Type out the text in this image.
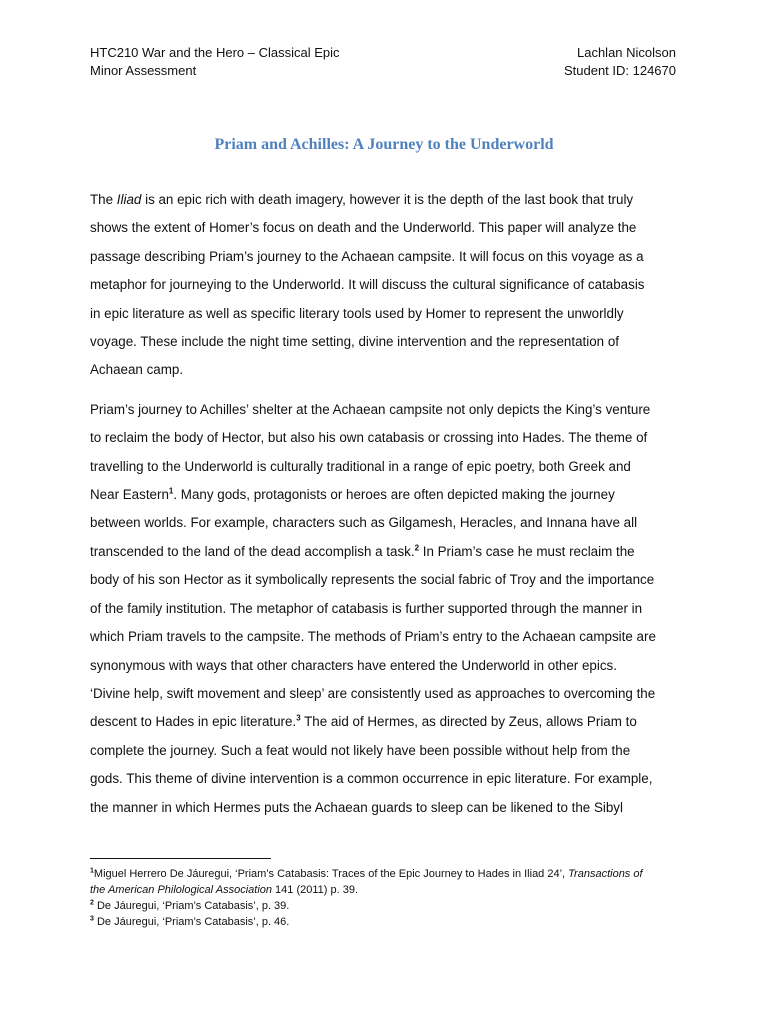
HTC210 War and the Hero – Classical Epic	Lachlan Nicolson
Minor Assessment	Student ID: 124670
Priam and Achilles: A Journey to the Underworld

The Iliad is an epic rich with death imagery, however it is the depth of the last book that truly
shows the extent of Homer’s focus on death and the Underworld. This paper will analyze the
passage describing Priam’s journey to the Achaean campsite. It will focus on this voyage as a
metaphor for journeying to the Underworld. It will discuss the cultural significance of catabasis
in epic literature as well as specific literary tools used by Homer to represent the unworldly
voyage. These include the night time setting, divine intervention and the representation of
Achaean camp.

Priam’s journey to Achilles’ shelter at the Achaean campsite not only depicts the King’s venture
to reclaim the body of Hector, but also his own catabasis or crossing into Hades. The theme of
travelling to the Underworld is culturally traditional in a range of epic poetry, both Greek and
Near Eastern$^1$. Many gods, protagonists or heroes are often depicted making the journey
between worlds. For example, characters such as Gilgamesh, Heracles, and Innana have all
transcended to the land of the dead accomplish a task.$^2$ In Priam’s case he must reclaim the
body of his son Hector as it symbolically represents the social fabric of Troy and the importance
of the family institution. The metaphor of catabasis is further supported through the manner in
which Priam travels to the campsite. The methods of Priam’s entry to the Achaean campsite are
synonymous with ways that other characters have entered the Underworld in other epics.
‘Divine help, swift movement and sleep’ are consistently used as approaches to overcoming the
descent to Hades in epic literature.$^3$ The aid of Hermes, as directed by Zeus, allows Priam to
complete the journey. Such a feat would not likely have been possible without help from the
gods. This theme of divine intervention is a common occurrence in epic literature. For example,
the manner in which Hermes puts the Achaean guards to sleep can be likened to the Sibyl

$^1$Miguel Herrero De Jáuregui, ‘Priam’s Catabasis: Traces of the Epic Journey to Hades in Iliad 24’, Transactions of
the American Philological Association 141 (2011) p. 39.
$^2$ De Jáuregui, ‘Priam’s Catabasis’, p. 39.
$^3$ De Jáuregui, ‘Priam’s Catabasis’, p. 46.
